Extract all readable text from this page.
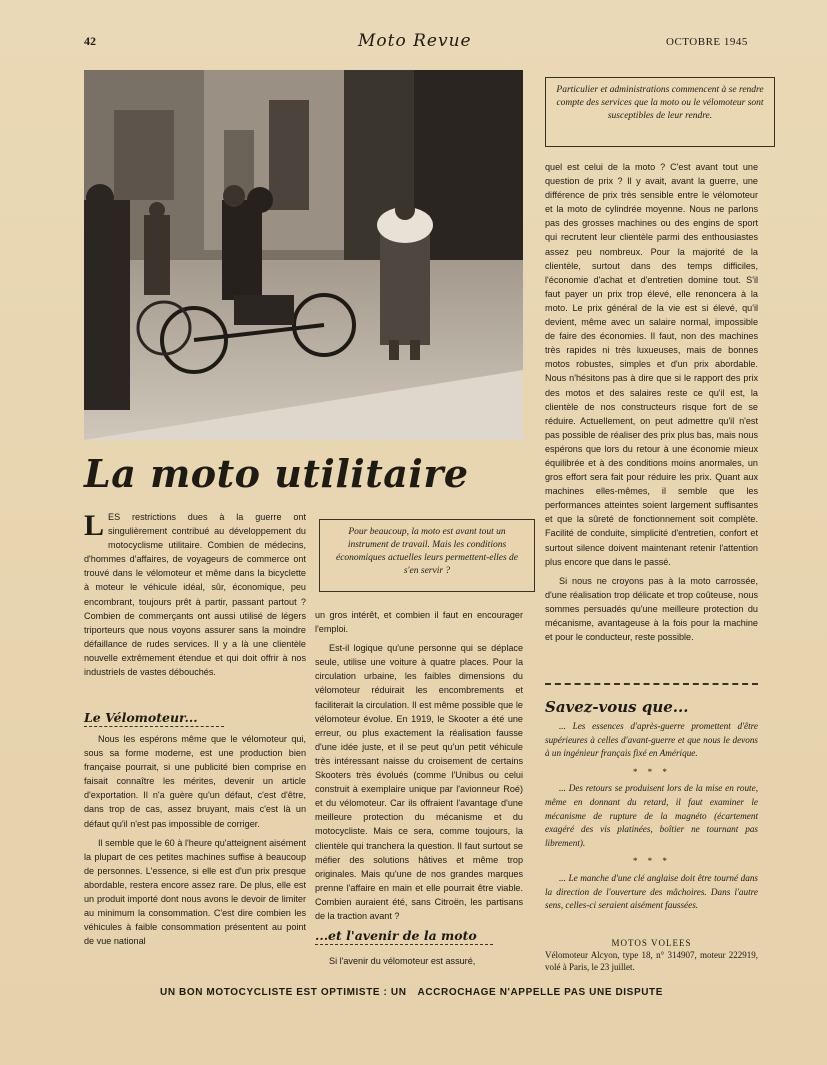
42	Moto Revue	OCTOBRE 1945
Particulier et administrations commencent à se rendre compte des services que la moto ou le vélomoteur sont susceptibles de leur rendre.
La moto utilitaire

LES restrictions dues à la guerre ont singulièrement contribué au développement du motocyclisme utilitaire. Combien de médecins, d'hommes d'affaires, de voyageurs de commerce ont trouvé dans le vélomoteur et même dans la bicyclette à moteur le véhicule idéal, sûr, économique, peu encombrant, toujours prêt à partir, passant partout ? Combien de commerçants ont aussi utilisé de légers triporteurs que nous voyons assurer sans la moindre défaillance de rudes services. Il y a là une clientèle nouvelle extrêmement étendue et qui doit offrir à nos industriels de vastes débouchés.

Le Vélomoteur...

Nous les espérons même que le vélomoteur qui, sous sa forme moderne, est une production bien française pourrait, si une publicité bien comprise en faisait connaître les mérites, devenir un article d'exportation. Il n'a guère qu'un défaut, c'est d'être, dans trop de cas, assez bruyant, mais c'est là un défaut qu'il n'est pas impossible de corriger.

Il semble que le 60 à l'heure qu'atteignent aisément la plupart de ces petites machines suffise à beaucoup de personnes. L'essence, si elle est d'un prix presque abordable, restera encore assez rare. De plus, elle est un produit importé dont nous avons le devoir de limiter au minimum la consommation. C'est dire combien les véhicules à faible consommation présentent au point de vue national

Pour beaucoup, la moto est avant tout un instrument de travail. Mais les conditions économiques actuelles leurs permettent-elles de s'en servir ?

un gros intérêt, et combien il faut en encourager l'emploi.

Est-il logique qu'une personne qui se déplace seule, utilise une voiture à quatre places. Pour la circulation urbaine, les faibles dimensions du vélomoteur réduirait les encombrements et faciliterait la circulation. Il est même possible que le vélomoteur évolue. En 1919, le Skooter a été une erreur, ou plus exactement la réalisation fausse d'une idée juste, et il se peut qu'un petit véhicule très intéressant naisse du croisement de certains Skooters très évolués (comme l'Unibus ou celui construit à exemplaire unique par l'avionneur Roé) et du vélomoteur. Car ils offraient l'avantage d'une meilleure protection du mécanisme et du motocycliste. Mais ce sera, comme toujours, la clientèle qui tranchera la question. Il faut surtout se méfier des solutions hâtives et même trop originales. Mais qu'une de nos grandes marques prenne l'affaire en main et elle pourrait être viable. Combien auraient été, sans Citroën, les partisans de la traction avant ?

...et l'avenir de la moto

Si l'avenir du vélomoteur est assuré,

quel est celui de la moto ? C'est avant tout une question de prix ? Il y avait, avant la guerre, une différence de prix très sensible entre le vélomoteur et la moto de cylindrée moyenne. Nous ne parlons pas des grosses machines ou des engins de sport qui recrutent leur clientèle parmi des enthousiastes assez peu nombreux. Pour la majorité de la clientèle, surtout dans des temps difficiles, l'économie d'achat et d'entretien domine tout. S'il faut payer un prix trop élevé, elle renoncera à la moto. Le prix général de la vie est si élevé, qu'il devient, même avec un salaire normal, impossible de faire des économies. Il faut, non des machines très rapides ni très luxueuses, mais de bonnes motos robustes, simples et d'un prix abordable. Nous n'hésitons pas à dire que si le rapport des prix des motos et des salaires reste ce qu'il est, la clientèle de nos constructeurs risque fort de se réduire. Actuellement, on peut admettre qu'il n'est pas possible de réaliser des prix plus bas, mais nous espérons que lors du retour à une économie mieux équilibrée et à des conditions moins anormales, un gros effort sera fait pour réduire les prix. Quant aux machines elles-mêmes, il semble que les performances atteintes soient largement suffisantes et que la sûreté de fonctionnement soit complète. Facilité de conduite, simplicité d'entretien, confort et surtout silence doivent maintenant retenir l'attention plus encore que dans le passé.

Si nous ne croyons pas à la moto carrossée, d'une réalisation trop délicate et trop coûteuse, nous sommes persuadés qu'une meilleure protection du mécanisme, avantageuse à la fois pour la machine et pour le conducteur, reste possible.

Savez-vous que...

... Les essences d'après-guerre promettent d'être supérieures à celles d'avant-guerre et que nous le devons à un ingénieur français fixé en Amérique.

* * *

... Des retours se produisent lors de la mise en route, même en donnant du retard, il faut examiner le mécanisme de rupture de la magnéto (écartement exagéré des vis platinées, boîtier ne tournant pas librement).

* * *

... Le manche d'une clé anglaise doit être tourné dans la direction de l'ouverture des mâchoires. Dans l'autre sens, celles-ci seraient aisément faussées.

MOTOS VOLEES
Vélomoteur Alcyon, type 18, n° 314907, moteur 222919, volé à Paris, le 23 juillet.
UN BON MOTOCYCLISTE EST OPTIMISTE : UN ACCROCHAGE N'APPELLE PAS UNE DISPUTE
